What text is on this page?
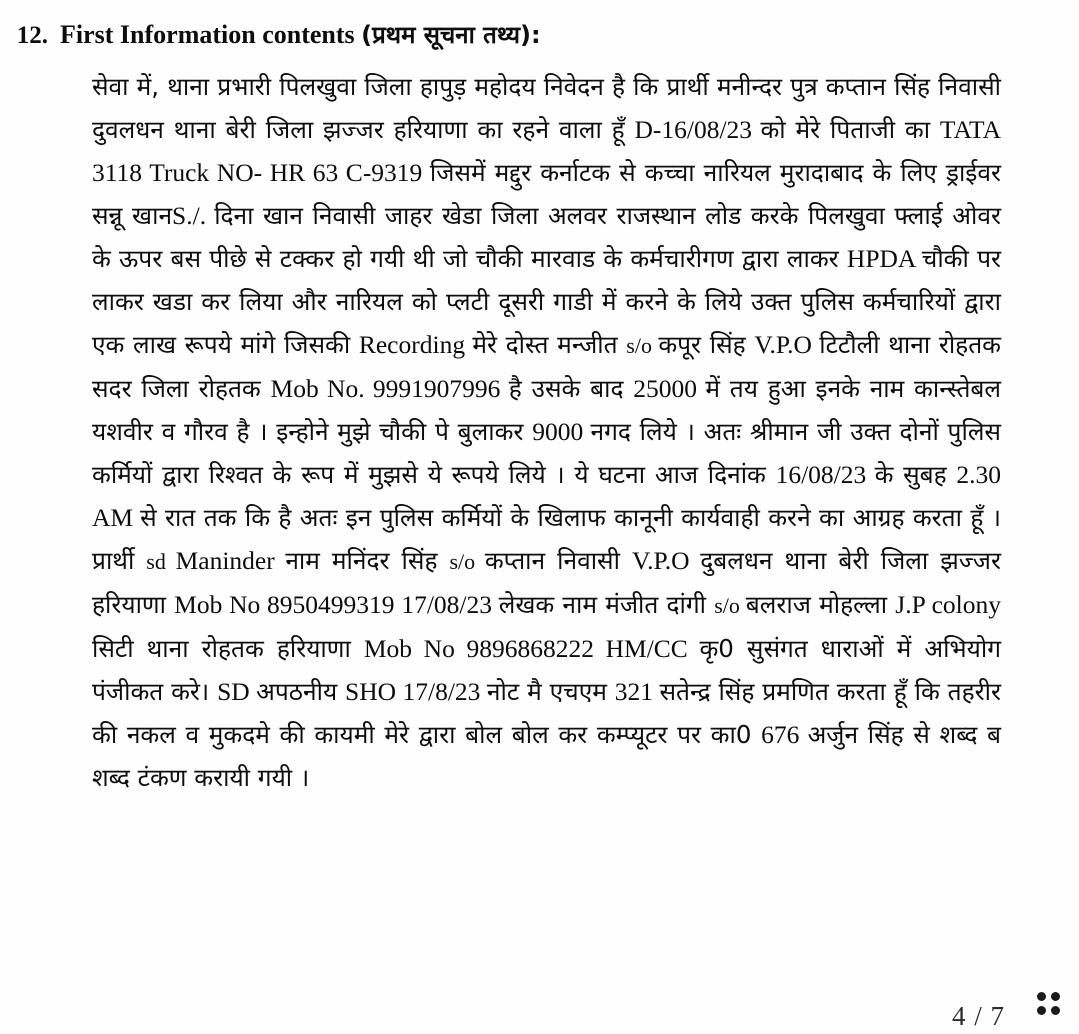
12. First Information contents (प्रथम सूचना तथ्य):
सेवा में, थाना प्रभारी पिलखुवा जिला हापुड़ महोदय निवेदन है कि प्रार्थी मनीन्दर पुत्र कप्तान सिंह निवासी दुवलधन थाना बेरी जिला झज्जर हरियाणा का रहने वाला हूँ D-16/08/23 को मेरे पिताजी का TATA 3118 Truck NO- HR 63 C-9319 जिसमें मद्दुर कर्नाटक से कच्चा नारियल मुरादाबाद के लिए ड्राईवर सन्नू खानS./. दिना खान निवासी जाहर खेडा जिला अलवर राजस्थान लोड करके पिलखुवा फ्लाई ओवर के ऊपर बस पीछे से टक्कर हो गयी थी जो चौकी मारवाड के कर्मचारीगण द्वारा लाकर HPDA चौकी पर लाकर खडा कर लिया और नारियल को प्लटी दूसरी गाडी में करने के लिये उक्त पुलिस कर्मचारियों द्वारा एक लाख रूपये मांगे जिसकी Recording मेरे दोस्त मन्जीत s/o कपूर सिंह V.P.O टिटौली थाना रोहतक सदर जिला रोहतक Mob No. 9991907996 है उसके बाद 25000 में तय हुआ इनके नाम कान्स्तेबल यशवीर व गौरव है । इन्होने मुझे चौकी पे बुलाकर 9000 नगद लिये । अतः श्रीमान जी उक्त दोनों पुलिस कर्मियों द्वारा रिश्वत के रूप में मुझसे ये रूपये लिये । ये घटना आज दिनांक 16/08/23 के सुबह 2.30 AM से रात तक कि है अतः इन पुलिस कर्मियों के खिलाफ कानूनी कार्यवाही करने का आग्रह करता हूँ । प्रार्थी sd Maninder नाम मनिंदर सिंह s/o कप्तान निवासी V.P.O दुबलधन थाना बेरी जिला झज्जर हरियाणा Mob No 8950499319 17/08/23 लेखक नाम मंजीत दांगी s/o बलराज मोहल्ला J.P colony सिटी थाना रोहतक हरियाणा Mob No 9896868222 HM/CC कृ0 सुसंगत धाराओं में अभियोग पंजीकत करे। SD अपठनीय SHO 17/8/23 नोट मै एचएम 321 सतेन्द्र सिंह प्रमणित करता हूँ कि तहरीर की नकल व मुकदमे की कायमी मेरे द्वारा बोल बोल कर कम्प्यूटर पर का0 676 अर्जुन सिंह से शब्द ब शब्द टंकण करायी गयी ।
4 / 7
